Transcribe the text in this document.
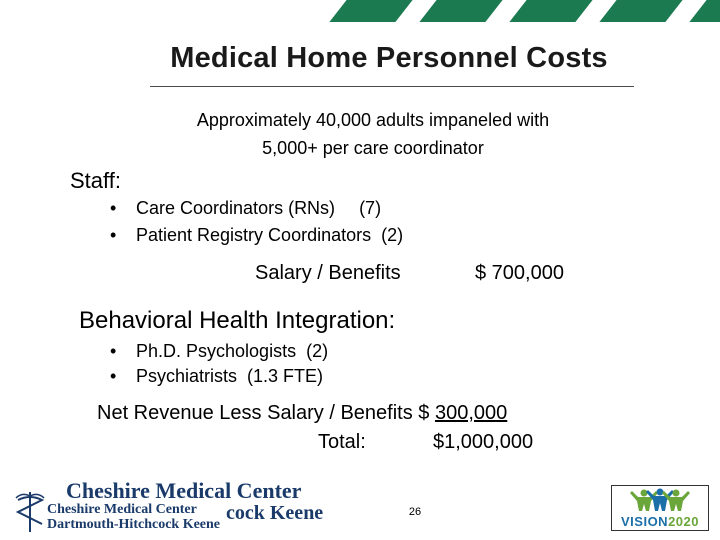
Medical Home Personnel Costs
Approximately 40,000 adults impaneled with
5,000+ per care coordinator
Staff:
• Care Coordinators (RNs) (7)
• Patient Registry Coordinators (2)
Salary / Benefits	$ 700,000
Behavioral Health Integration:
• Ph.D. Psychologists (2)
• Psychiatrists (1.3 FTE)
Net Revenue Less Salary / Benefits $ 300,000
Total:	$1,000,000
Cheshire Medical Center
cock Keene
Cheshire Medical Center
Dartmouth-Hitchcock Keene
26
VISION2020
